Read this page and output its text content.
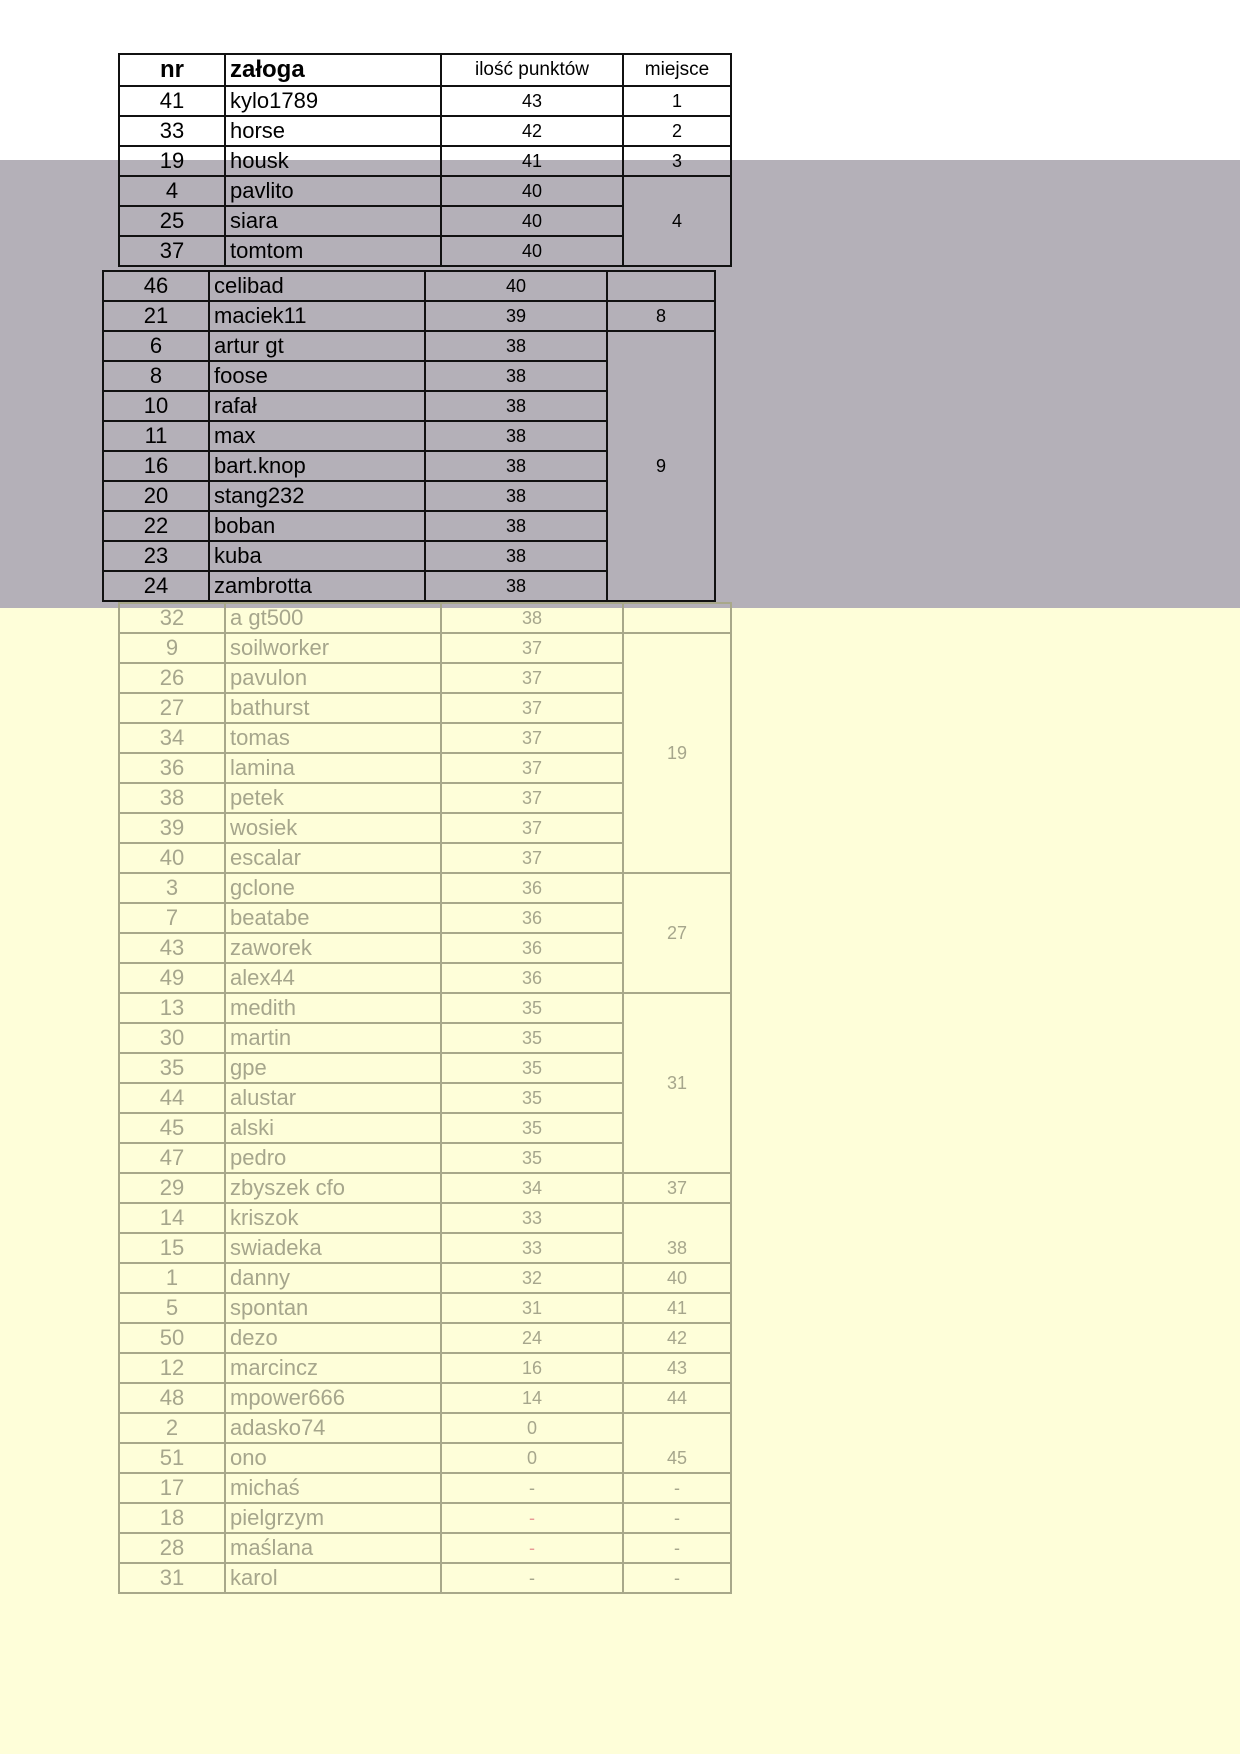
nr	załoga	ilość punktów	miejsce
41	kylo1789	43	1
33	horse	42	2
19	housk	41	3
4	pavlito	40	4
25	siara	40	
37	tomtom	40	
46	celibad	40	
21	maciek11	39	8
6	artur gt	38	9
8	foose	38	
10	rafał	38	
11	max	38	
16	bart.knop	38	
20	stang232	38	
22	boban	38	
23	kuba	38	
24	zambrotta	38	
32	a gt500	38	
9	soilworker	37	19
26	pavulon	37	
27	bathurst	37	
34	tomas	37	
36	lamina	37	
38	petek	37	
39	wosiek	37	
40	escalar	37	
3	gclone	36	27
7	beatabe	36	
43	zaworek	36	
49	alex44	36	
13	medith	35	31
30	martin	35	
35	gpe	35	
44	alustar	35	
45	alski	35	
47	pedro	35	
29	zbyszek cfo	34	37
14	kriszok	33	38
15	swiadeka	33	
1	danny	32	40
5	spontan	31	41
50	dezo	24	42
12	marcincz	16	43
48	mpower666	14	44
2	adasko74	0	45
51	ono	0	
17	michaś	-	-
18	pielgrzym	-	-
28	maślana	-	-
31	karol	-	-
